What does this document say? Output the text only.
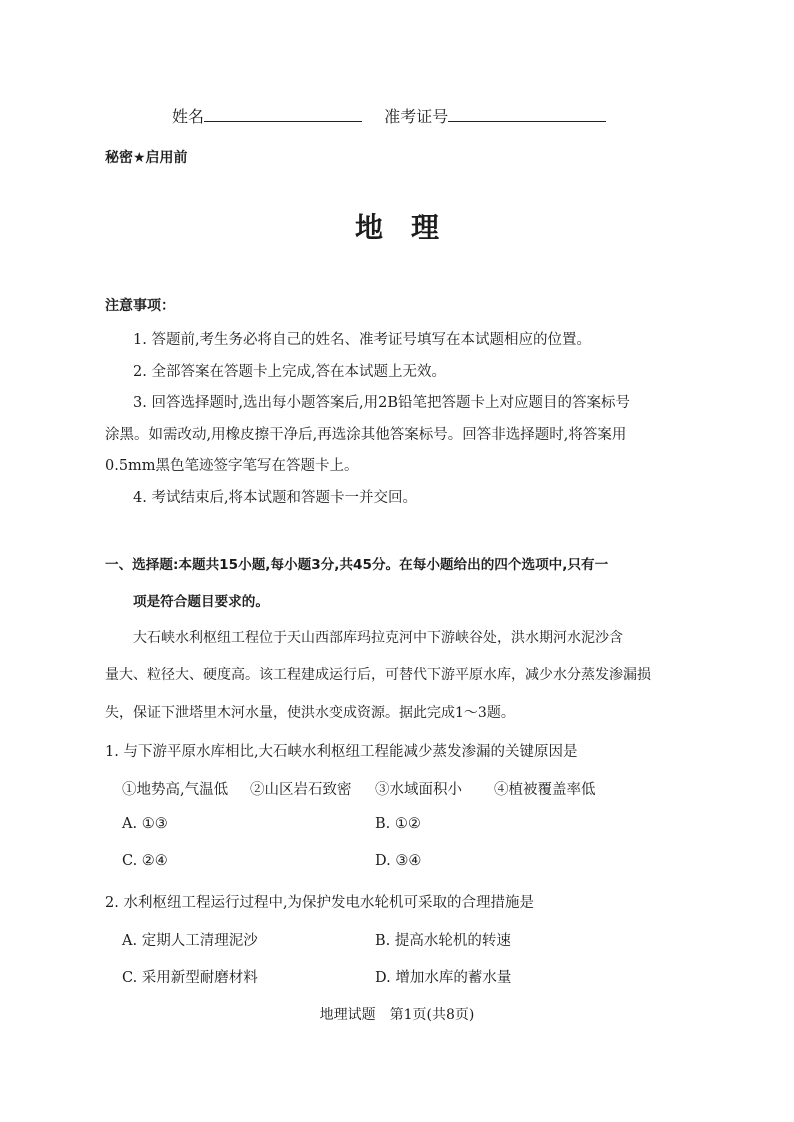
姓名	准考证号
秘密★启用前
地　理
注意事项：
1. 答题前,考生务必将自己的姓名、准考证号填写在本试题相应的位置。
2. 全部答案在答题卡上完成,答在本试题上无效。
3. 回答选择题时,选出每小题答案后,用2B铅笔把答题卡上对应题目的答案标号
涂黑。如需改动,用橡皮擦干净后,再选涂其他答案标号。回答非选择题时,将答案用
0.5mm黑色笔迹签字笔写在答题卡上。
4. 考试结束后,将本试题和答题卡一并交回。
一、选择题:本题共15小题,每小题3分,共45分。在每小题给出的四个选项中,只有一
项是符合题目要求的。
大石峡水利枢纽工程位于天山西部库玛拉克河中下游峡谷处，洪水期河水泥沙含
量大、粒径大、硬度高。该工程建成运行后，可替代下游平原水库，减少水分蒸发渗漏损
失，保证下泄塔里木河水量，使洪水变成资源。据此完成1～3题。
1. 与下游平原水库相比,大石峡水利枢纽工程能减少蒸发渗漏的关键原因是
①地势高,气温低 ②山区岩石致密 ③水域面积小 ④植被覆盖率低
A. ①③	B. ①②
C. ②④	D. ③④
2. 水利枢纽工程运行过程中,为保护发电水轮机可采取的合理措施是
A. 定期人工清理泥沙	B. 提高水轮机的转速
C. 采用新型耐磨材料	D. 增加水库的蓄水量
地理试题　第1页(共8页)
